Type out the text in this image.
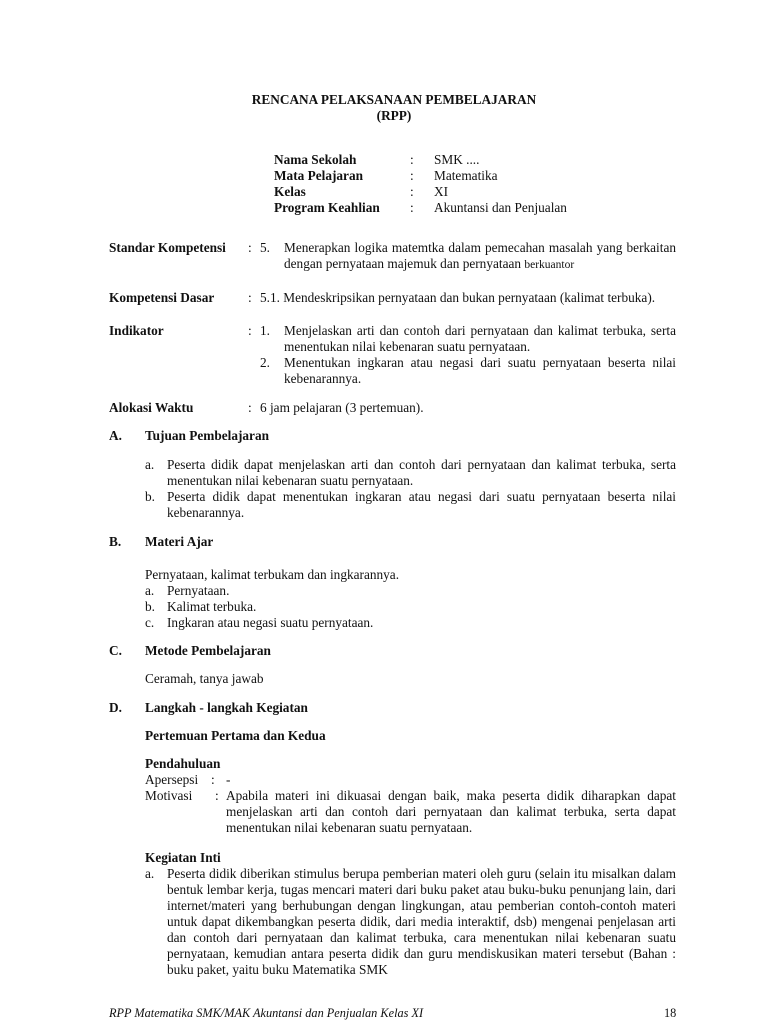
RENCANA PELAKSANAAN PEMBELAJARAN
(RPP)
Nama Sekolah	: SMK ....
Mata Pelajaran	: Matematika
Kelas	: XI
Program Keahlian : Akuntansi dan Penjualan
Standar Kompetensi : 5. Menerapkan logika matemtka dalam pemecahan masalah yang berkaitan dengan pernyataan majemuk dan pernyataan berkuantor
Kompetensi Dasar	: 5.1. Mendeskripsikan pernyataan dan bukan pernyataan (kalimat terbuka).
Indikator	: 1. Menjelaskan arti dan contoh dari pernyataan dan kalimat terbuka, serta menentukan nilai kebenaran suatu pernyataan.
2. Menentukan ingkaran atau negasi dari suatu pernyataan beserta nilai kebenarannya.
Alokasi Waktu	: 6 jam pelajaran (3 pertemuan).
A. Tujuan Pembelajaran
a. Peserta didik dapat menjelaskan arti dan contoh dari pernyataan dan kalimat terbuka, serta menentukan nilai kebenaran suatu pernyataan.
b. Peserta didik dapat menentukan ingkaran atau negasi dari suatu pernyataan beserta nilai kebenarannya.
B. Materi Ajar
Pernyataan, kalimat terbukam dan ingkarannya.
a. Pernyataan.
b. Kalimat terbuka.
c. Ingkaran atau negasi suatu pernyataan.
C. Metode Pembelajaran
Ceramah, tanya jawab
D. Langkah - langkah Kegiatan
Pertemuan Pertama dan Kedua
Pendahuluan
Apersepsi : -
Motivasi : Apabila materi ini dikuasai dengan baik, maka peserta didik diharapkan dapat menjelaskan arti dan contoh dari pernyataan dan kalimat terbuka, serta dapat menentukan nilai kebenaran suatu pernyataan.
Kegiatan Inti
a. Peserta didik diberikan stimulus berupa pemberian materi oleh guru (selain itu misalkan dalam bentuk lembar kerja, tugas mencari materi dari buku paket atau buku-buku penunjang lain, dari internet/materi yang berhubungan dengan lingkungan, atau pemberian contoh-contoh materi untuk dapat dikembangkan peserta didik, dari media interaktif, dsb) mengenai penjelasan arti dan contoh dari pernyataan dan kalimat terbuka, cara menentukan nilai kebenaran suatu pernyataan, kemudian antara peserta didik dan guru mendiskusikan materi tersebut (Bahan : buku paket, yaitu buku Matematika SMK
RPP Matematika SMK/MAK Akuntansi dan Penjualan Kelas XI	18
